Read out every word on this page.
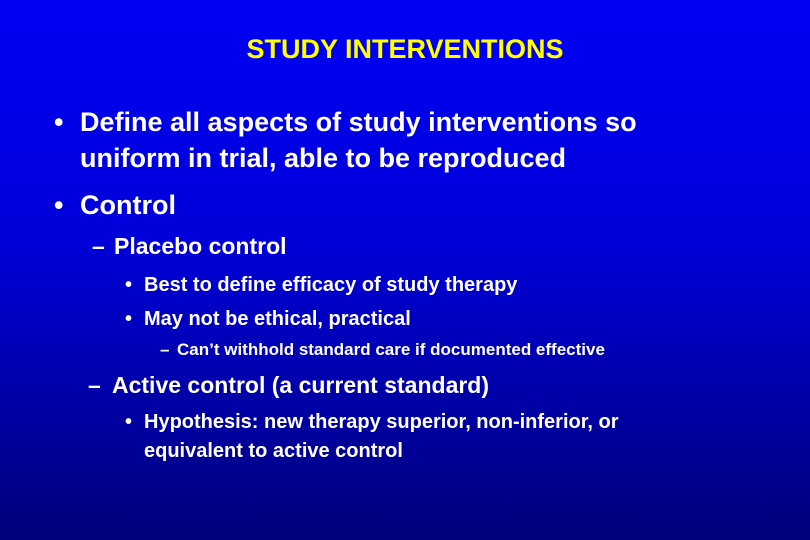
STUDY INTERVENTIONS
• Define all aspects of study interventions so
uniform in trial, able to be reproduced
• Control
– Placebo control
• Best to define efficacy of study therapy
• May not be ethical, practical
– Can’t withhold standard care if documented effective
– Active control (a current standard)
• Hypothesis: new therapy superior, non-inferior, or
equivalent to active control
